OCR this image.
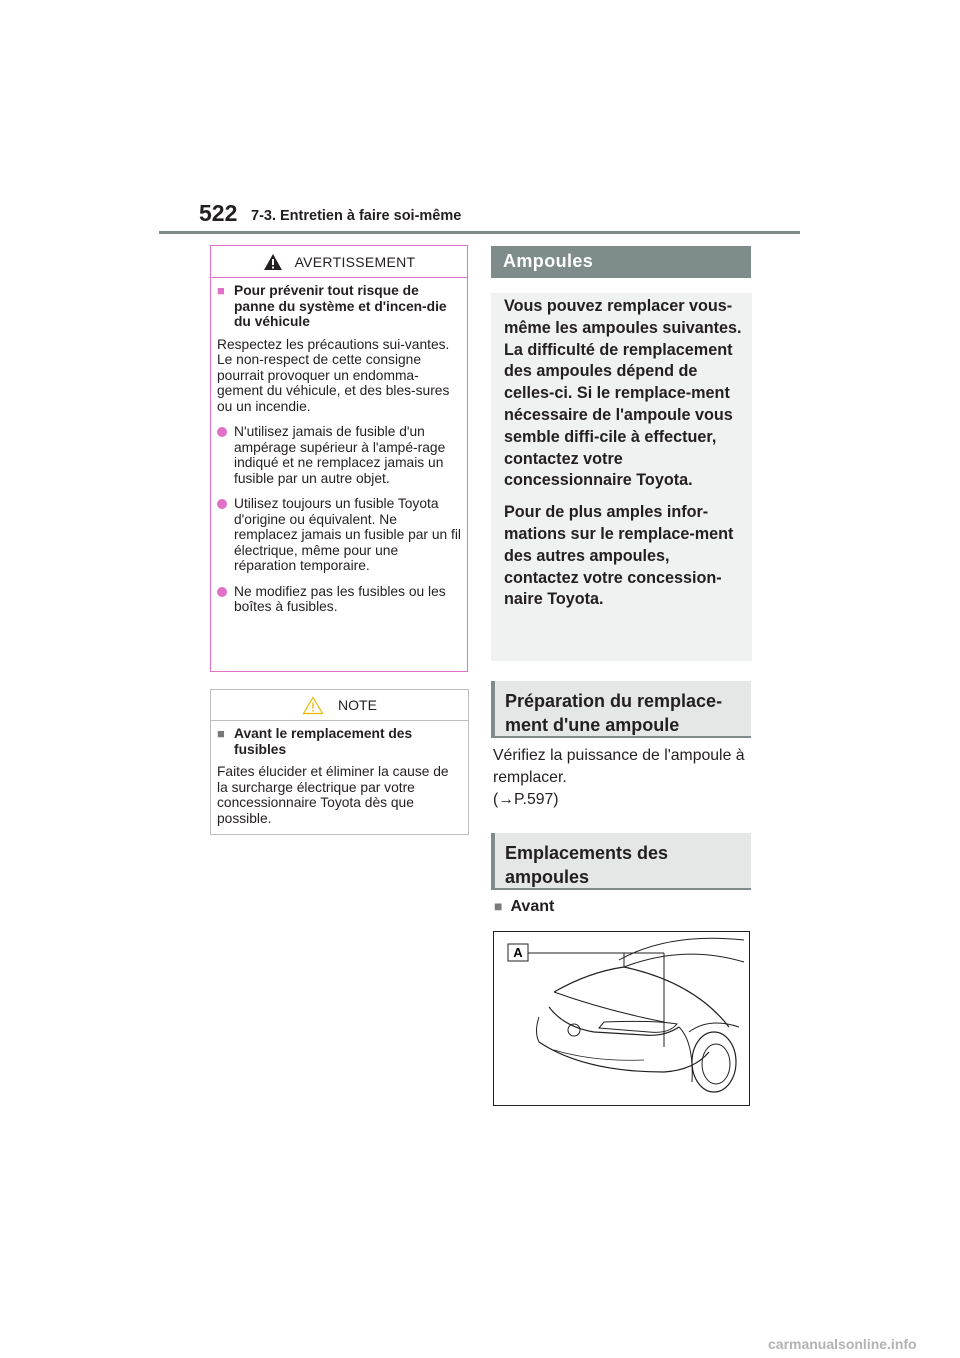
522 7-3. Entretien à faire soi-même
AVERTISSEMENT
■ Pour prévenir tout risque de panne du système et d'incen-die du véhicule
Respectez les précautions sui-vantes. Le non-respect de cette consigne pourrait provoquer un endomma-gement du véhicule, et des bles-sures ou un incendie.
N'utilisez jamais de fusible d'un ampérage supérieur à l'ampé-rage indiqué et ne remplacez jamais un fusible par un autre objet.
Utilisez toujours un fusible Toyota d'origine ou équivalent. Ne remplacez jamais un fusible par un fil électrique, même pour une réparation temporaire.
Ne modifiez pas les fusibles ou les boîtes à fusibles.
NOTE
■ Avant le remplacement des fusibles
Faites élucider et éliminer la cause de la surcharge électrique par votre concessionnaire Toyota dès que possible.
Ampoules

Vous pouvez remplacer vous-même les ampoules suivantes. La difficulté de remplacement des ampoules dépend de celles-ci. Si le remplace-ment nécessaire de l'ampoule vous semble diffi-cile à effectuer, contactez votre concessionnaire Toyota.

Pour de plus amples infor-mations sur le remplace-ment des autres ampoules, contactez votre concession-naire Toyota.

Préparation du remplace-ment d'une ampoule
Vérifiez la puissance de l'ampoule à remplacer.
(→P.597)
Emplacements des ampoules
■ Avant
A
carmanualsonline.info
